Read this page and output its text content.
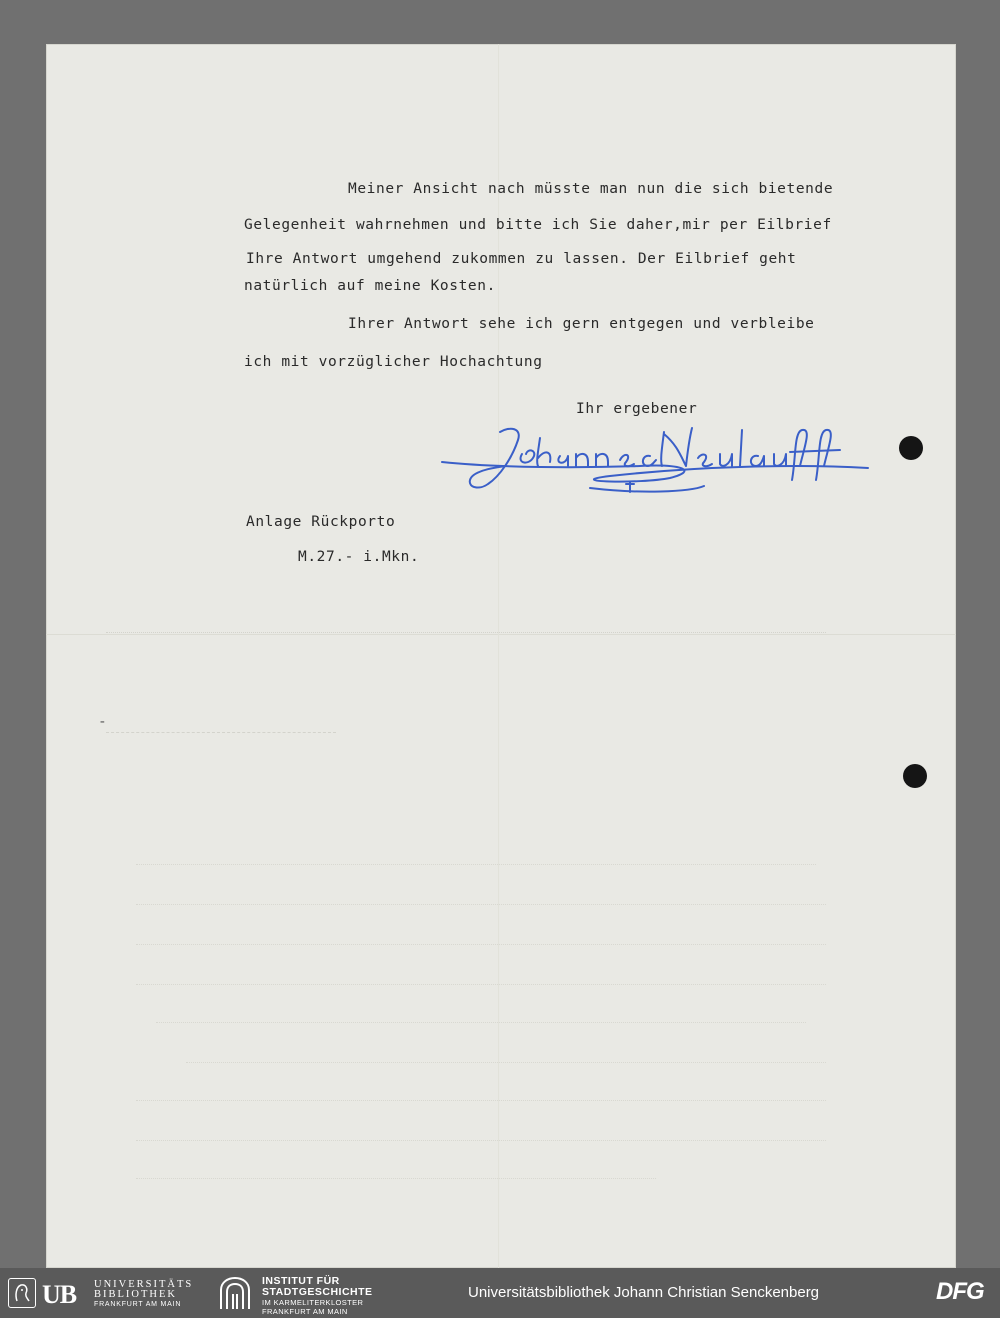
Meiner Ansicht nach müsste man nun die sich bietende
Gelegenheit wahrnehmen und bitte ich Sie daher,mir per Eilbrief
Ihre Antwort umgehend zukommen zu lassen. Der Eilbrief geht
natürlich auf meine Kosten.
Ihrer Antwort sehe ich gern entgegen und verbleibe
ich mit vorzüglicher Hochachtung
Ihr ergebener
Anlage Rückporto
M.27.- i.Mkn.
-
UB UNIVERSITÄTS
BIBLIOTHEK
FRANKFURT AM MAIN
INSTITUT FÜR
STADTGESCHICHTE
IM KARMELITERKLOSTER
FRANKFURT AM MAIN
Universitätsbibliothek Johann Christian Senckenberg	DFG
